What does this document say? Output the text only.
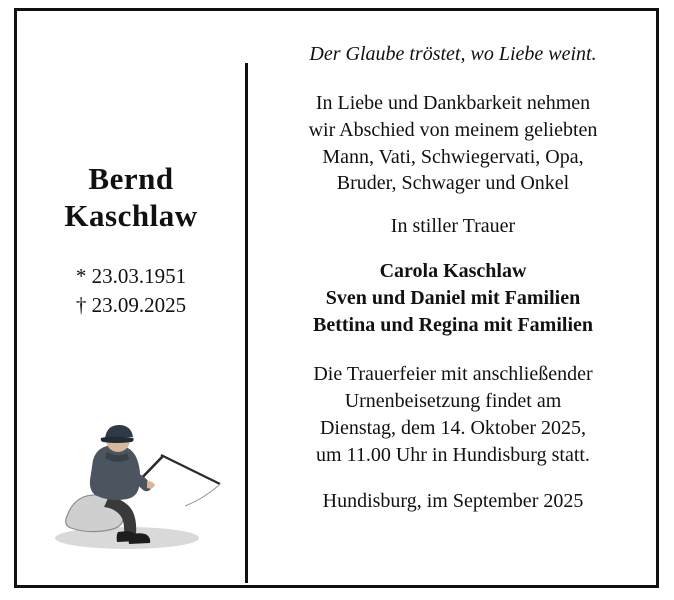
Bernd
Kaschlaw
* 23.03.1951
† 23.09.2025
Der Glaube tröstet, wo Liebe weint.
In Liebe und Dankbarkeit nehmen
wir Abschied von meinem geliebten
Mann, Vati, Schwiegervati, Opa,
Bruder, Schwager und Onkel
In stiller Trauer
Carola Kaschlaw
Sven und Daniel mit Familien
Bettina und Regina mit Familien
Die Trauerfeier mit anschließender
Urnenbeisetzung findet am
Dienstag, dem 14. Oktober 2025,
um 11.00 Uhr in Hundisburg statt.
Hundisburg, im September 2025
